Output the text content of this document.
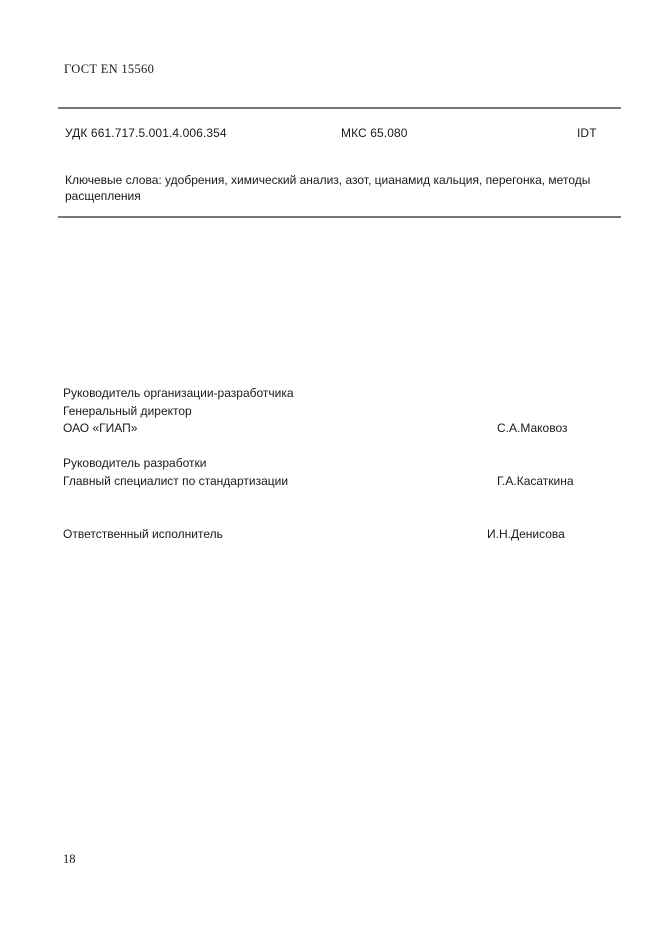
ГОСТ EN 15560
УДК 661.717.5.001.4.006.354	МКС 65.080	IDT
Ключевые слова: удобрения, химический анализ, азот, цианамид кальция, перегонка, методы расщепления
Руководитель организации-разработчика
Генеральный директор
ОАО «ГИАП»	С.А.Маковоз
Руководитель разработки
Главный специалист по стандартизации	Г.А.Касаткина
Ответственный исполнитель	И.Н.Денисова
18
